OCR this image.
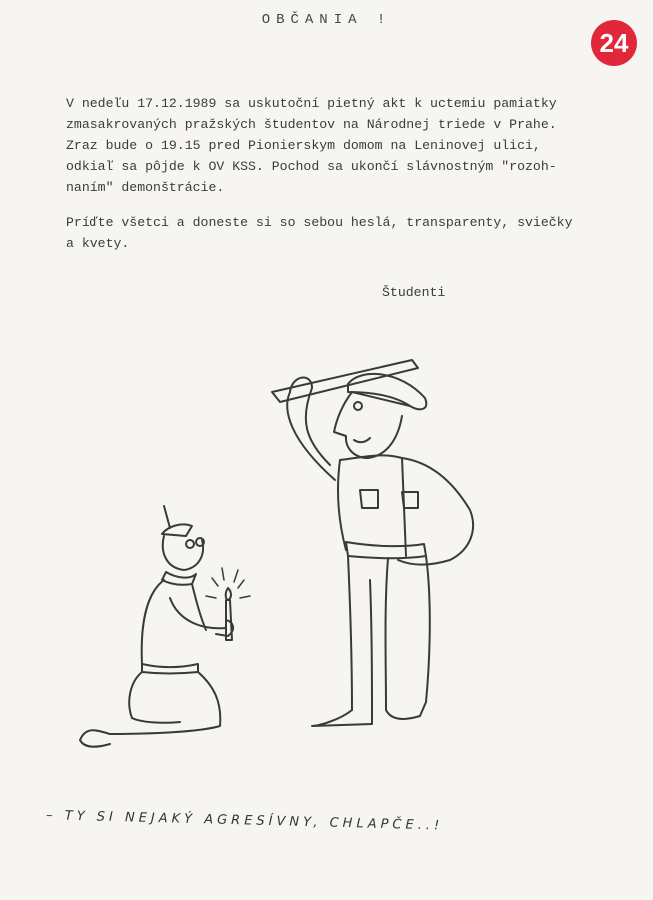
OBČANIA !
24
V nedeľu 17.12.1989 sa uskutoční pietný akt k uctemiu pamiatky
zmasakrovaných pražských študentov na Národnej triede v Prahe.
Zraz bude o 19.15 pred Pionierskym domom na Leninovej ulici,
odkiaľ sa pôjde k OV KSS. Pochod sa ukončí slávnostným "rozoh-
naním" demonštrácie.
Príďte všetci a doneste si so sebou heslá, transparenty, sviečky
a kvety.
Študenti
– TY SI NEJAKÝ AGRESÍVNY, CHLAPČE..!
